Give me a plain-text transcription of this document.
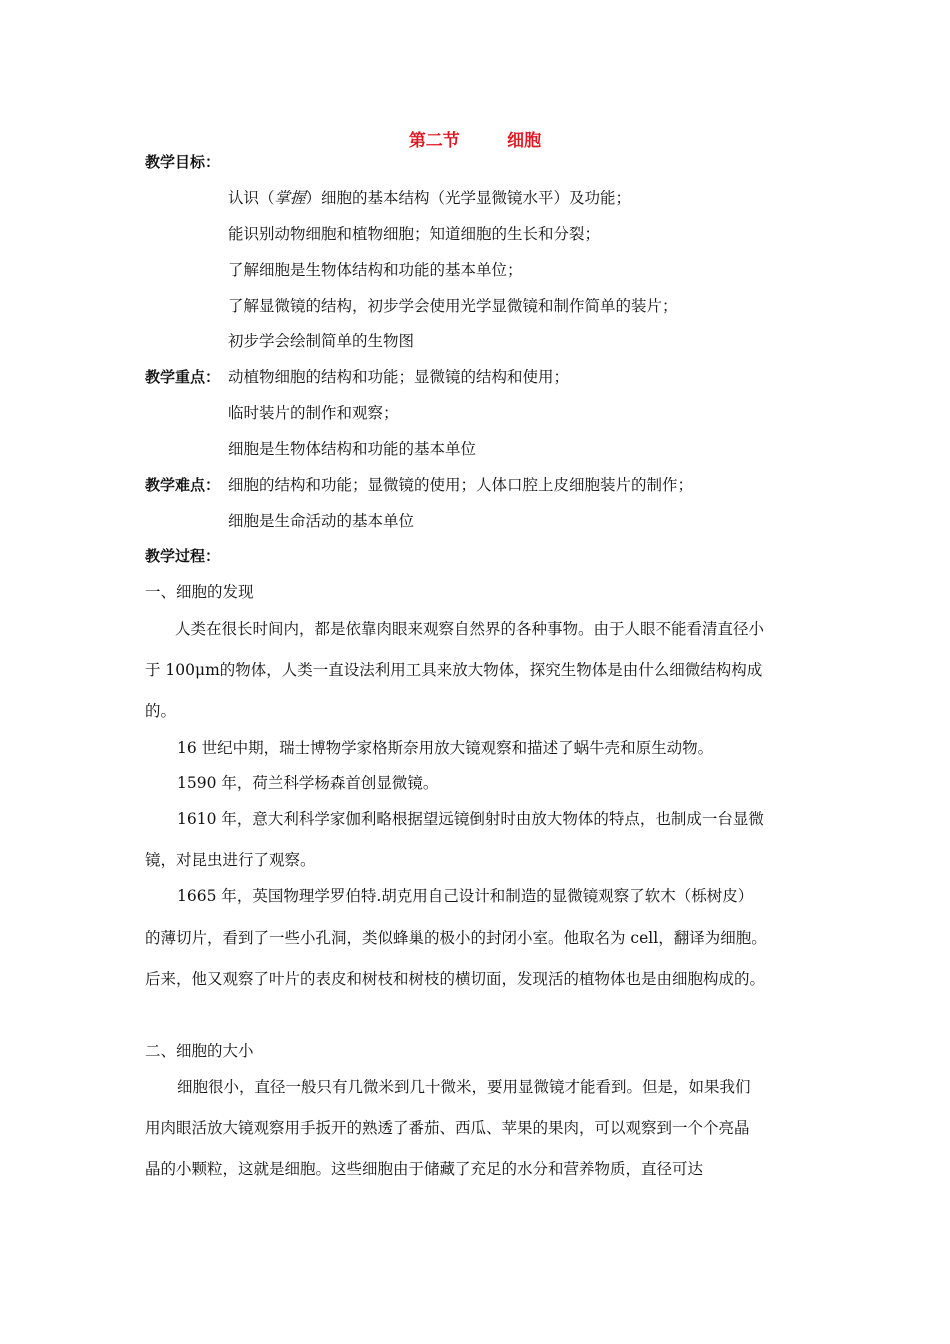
第二节        细胞
教学目标：
认识（掌握）细胞的基本结构（光学显微镜水平）及功能；
能识别动物细胞和植物细胞；知道细胞的生长和分裂；
了解细胞是生物体结构和功能的基本单位；
了解显微镜的结构，初步学会使用光学显微镜和制作简单的装片；
初步学会绘制简单的生物图
教学重点： 动植物细胞的结构和功能；显微镜的结构和使用；
临时装片的制作和观察；
细胞是生物体结构和功能的基本单位
教学难点： 细胞的结构和功能；显微镜的使用；人体口腔上皮细胞装片的制作；
细胞是生命活动的基本单位
教学过程：
一、细胞的发现
人类在很长时间内，都是依靠肉眼来观察自然界的各种事物。由于人眼不能看清直径小
于 100μm的物体，人类一直设法利用工具来放大物体，探究生物体是由什么细微结构构成
的。
16 世纪中期，瑞士博物学家格斯奈用放大镜观察和描述了蜗牛壳和原生动物。
1590 年，荷兰科学杨森首创显微镜。
1610 年，意大利科学家伽利略根据望远镜倒射时由放大物体的特点，也制成一台显微
镜，对昆虫进行了观察。
1665 年，英国物理学罗伯特.胡克用自己设计和制造的显微镜观察了软木（栎树皮）
的薄切片，看到了一些小孔洞，类似蜂巢的极小的封闭小室。他取名为 cell，翻译为细胞。
后来，他又观察了叶片的表皮和树枝和树枝的横切面，发现活的植物体也是由细胞构成的。
二、细胞的大小
细胞很小，直径一般只有几微米到几十微米，要用显微镜才能看到。但是，如果我们
用肉眼活放大镜观察用手扳开的熟透了番茄、西瓜、苹果的果肉，可以观察到一个个亮晶
晶的小颗粒，这就是细胞。这些细胞由于储藏了充足的水分和营养物质，直径可达
